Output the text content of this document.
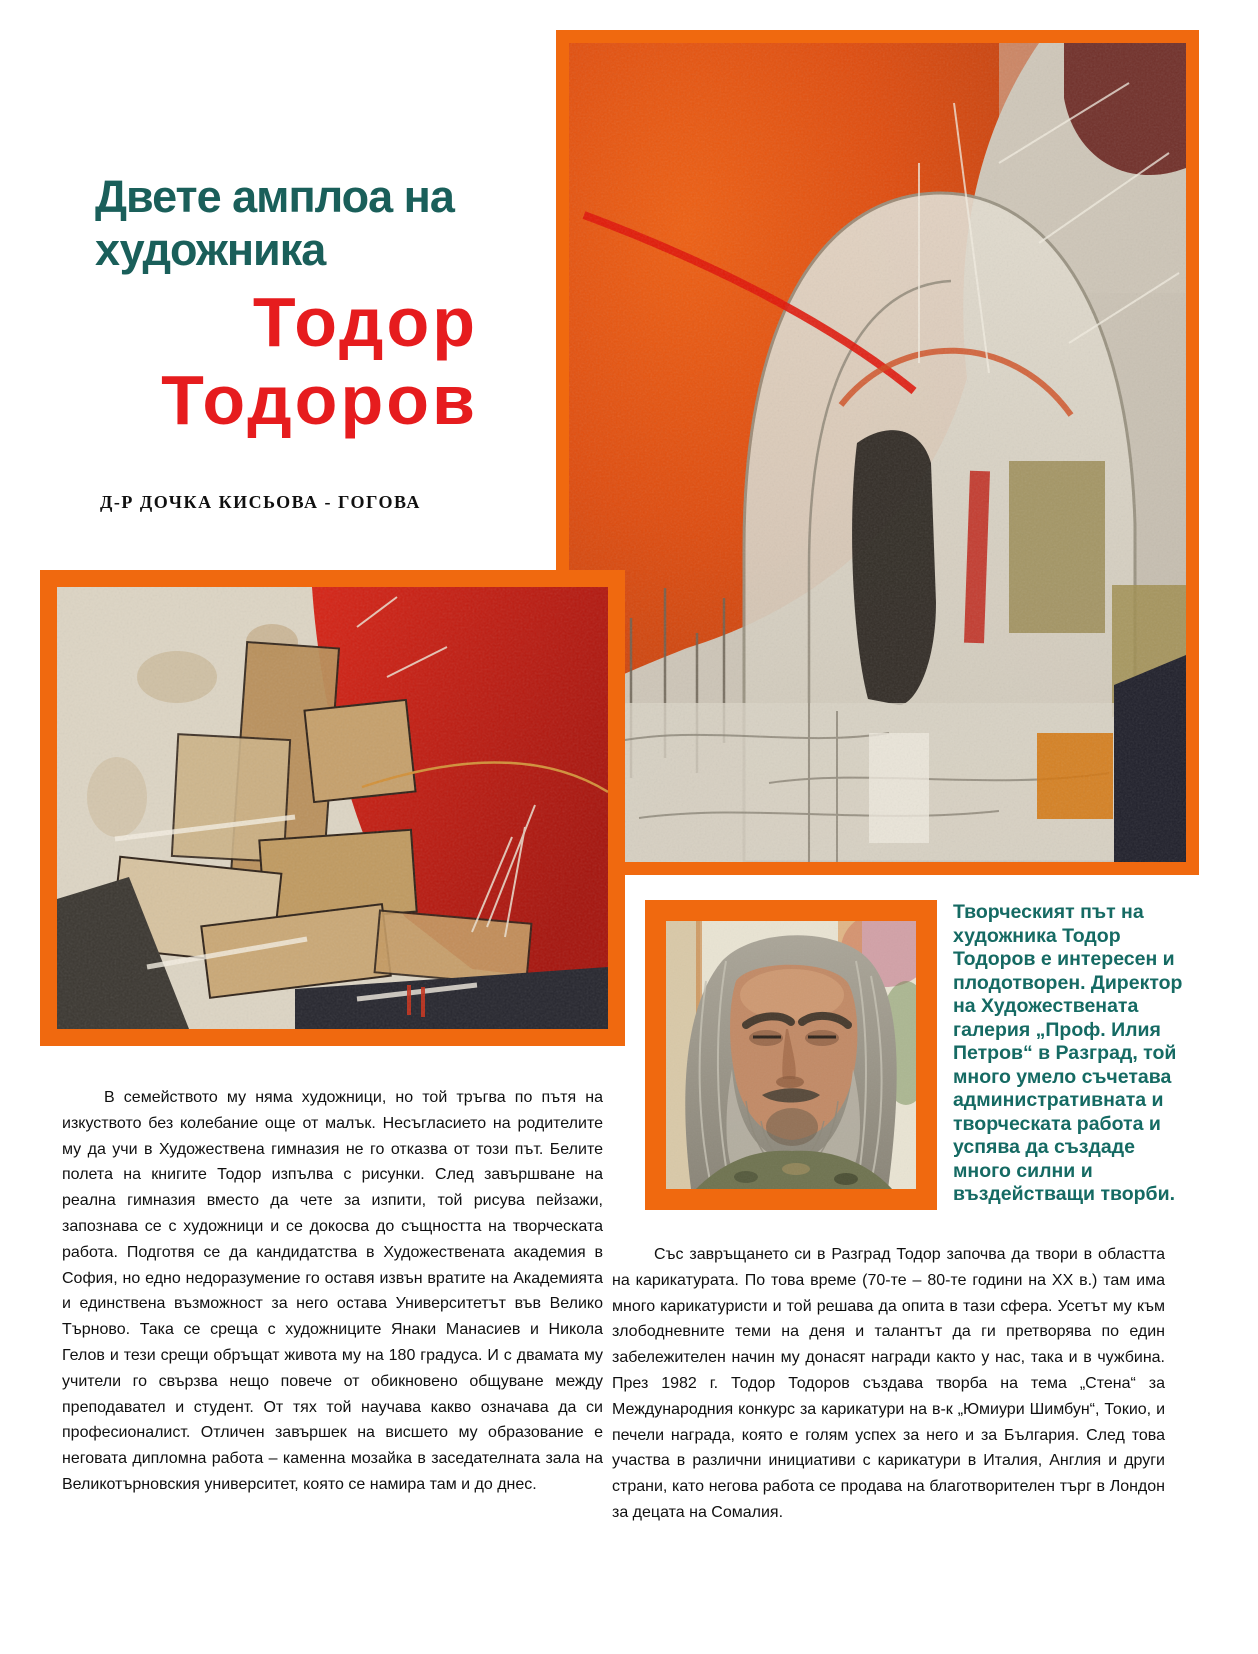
Двете амплоа на
художника
Тодор
Тодоров
Д-Р ДОЧКА КИСЬОВА - ГОГОВА

Творческият път на художника Тодор Тодоров е интересен и плодотворен. Директор на Художествената галерия „Проф. Илия Петров“ в Разград, той много умело съчетава административната и творческата работа и успява да създаде много силни и въздействащи творби.

В семейството му няма художници, но той тръгва по пътя на изкуството без колебание още от малък. Несъгласието на родителите му да учи в Художествена гимназия не го отказва от този път. Белите полета на книгите Тодор изпълва с рисунки. След завършване на реална гимназия вместо да чете за изпити, той рисува пейзажи, запознава се с художници и се докосва до същността на творческата работа. Подготвя се да кандидатства в Художествената академия в София, но едно недоразумение го оставя извън вратите на Академията и единствена възможност за него остава Университетът във Велико Търново. Така се среща с художниците Янаки Манасиев и Никола Гелов и тези срещи обръщат живота му на 180 градуса. И с двамата му учители го свързва нещо повече от обикновено общуване между преподавател и студент. От тях той научава какво означава да си професионалист. Отличен завършек на висшето му образование е неговата дипломна работа – каменна мозайка в заседателната зала на Великотърновския университет, която се намира там и до днес.

Със завръщането си в Разград Тодор започва да твори в областта на карикатурата. По това време (70-те – 80-те години на ХХ в.) там има много карикатуристи и той решава да опита в тази сфера. Усетът му към злободневните теми на деня и талантът да ги претворява по един забележителен начин му донасят награди както у нас, така и в чужбина. През 1982 г. Тодор Тодоров създава творба на тема „Стена“ за Международния конкурс за карикатури на в-к „Юмиури Шимбун“, Токио, и печели награда, която е голям успех за него и за България. След това участва в различни инициативи с карикатури в Италия, Англия и други страни, като негова работа се продава на благотворителен търг в Лондон за децата на Сомалия.
